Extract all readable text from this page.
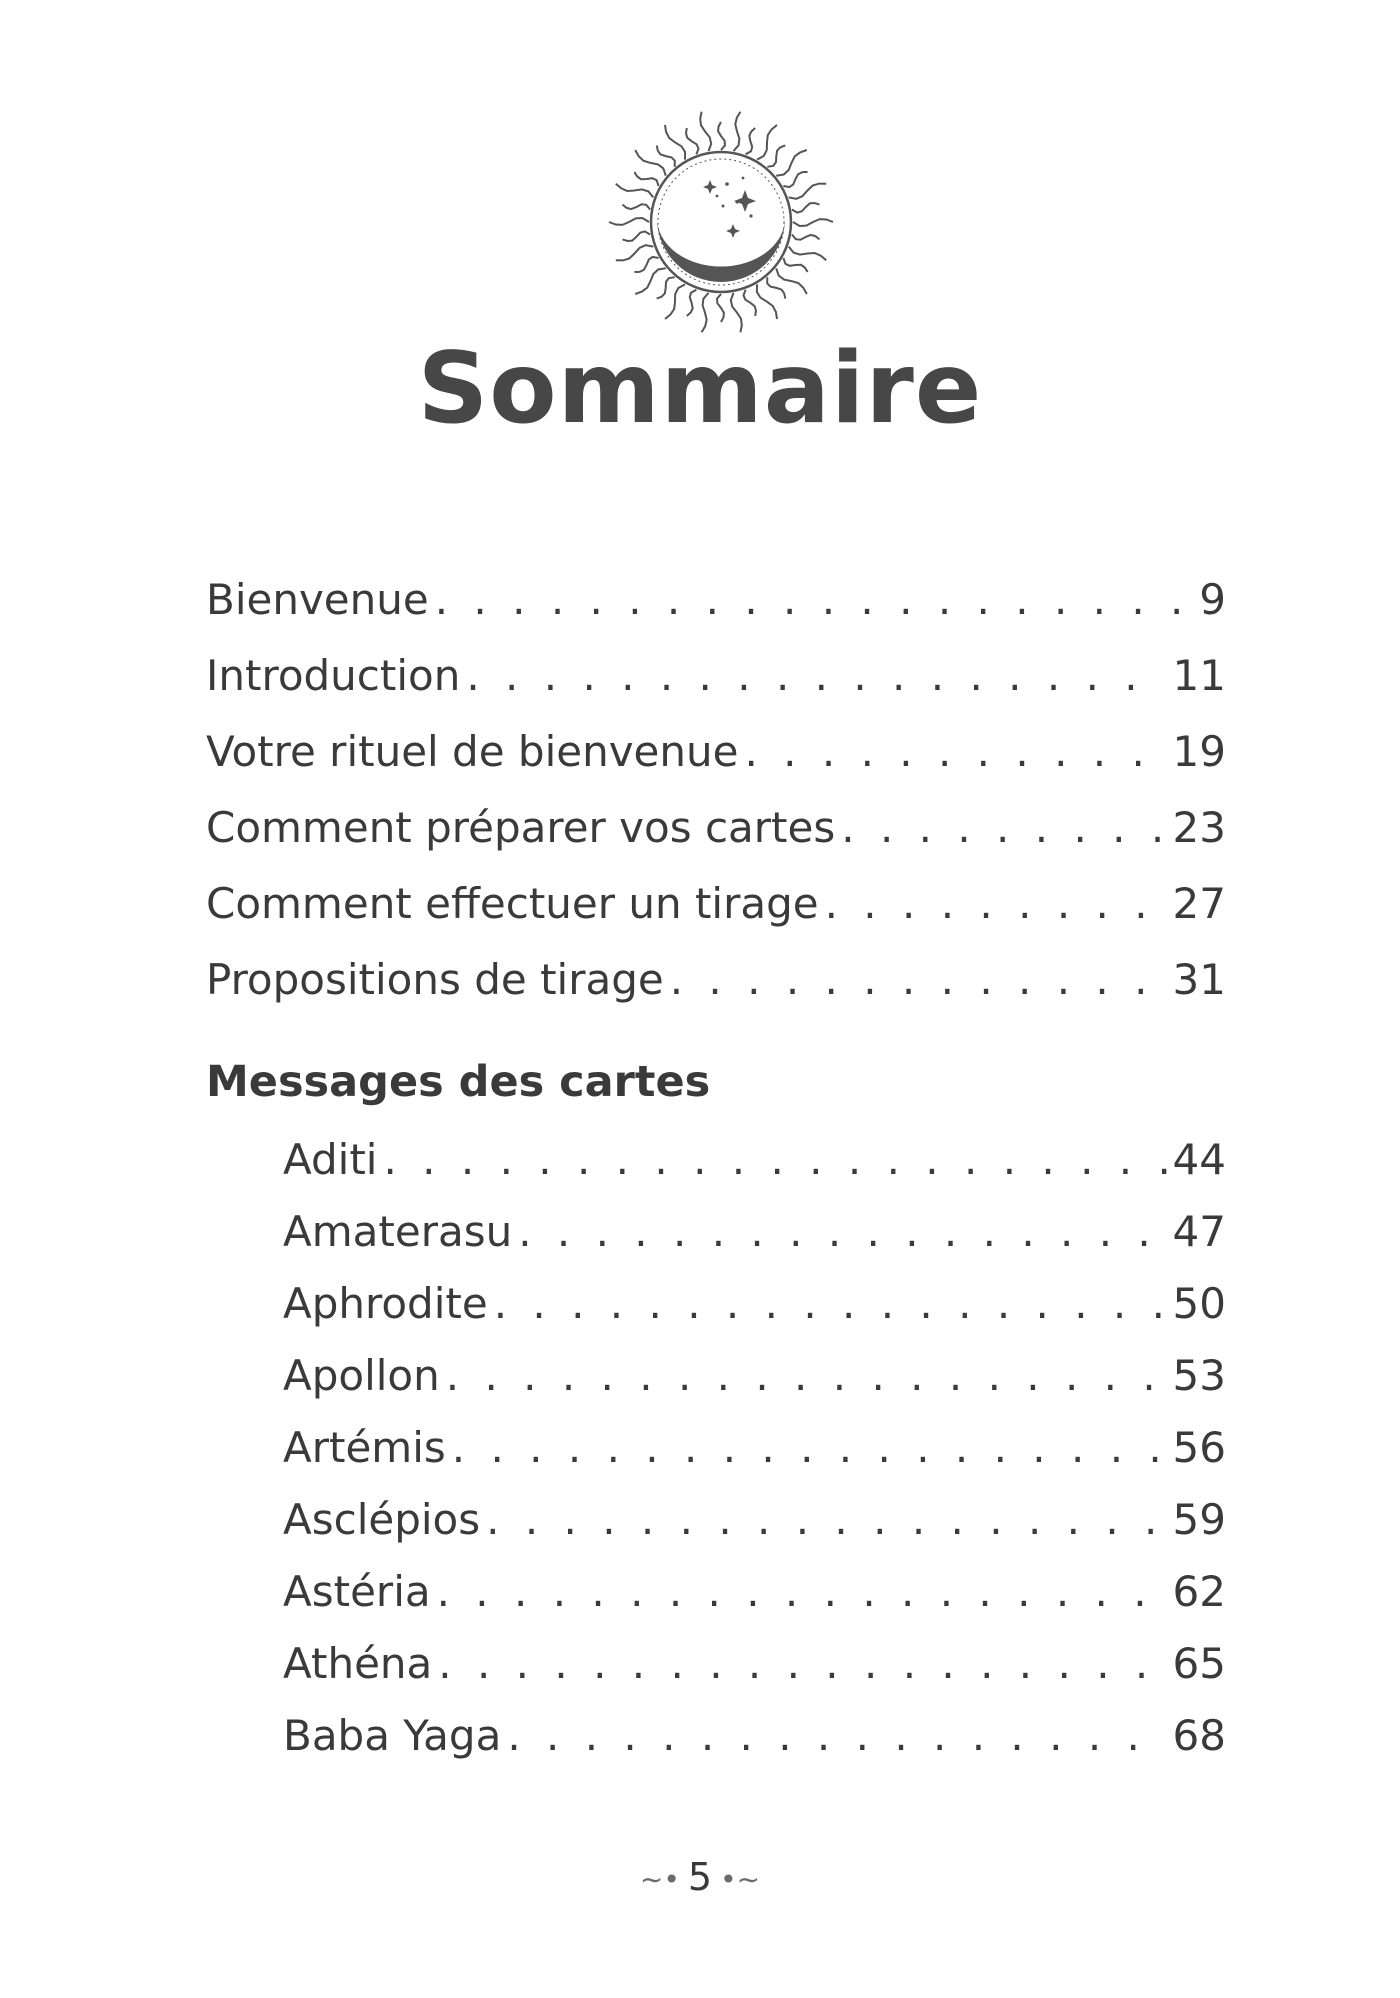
Sommaire
Bienvenue . . .	9
Introduction . . .	11
Votre rituel de bienvenue . . .	19
Comment préparer vos cartes . . .	23
Comment effectuer un tirage . . .	27
Propositions de tirage . . .	31
Messages des cartes
Aditi . . .	44
Amaterasu . . .	47
Aphrodite . . .	50
Apollon . . .	53
Artémis . . .	56
Asclépios . . .	59
Astéria . . .	62
Athéna . . .	65
Baba Yaga . . .	68
∼• 5 •∼
